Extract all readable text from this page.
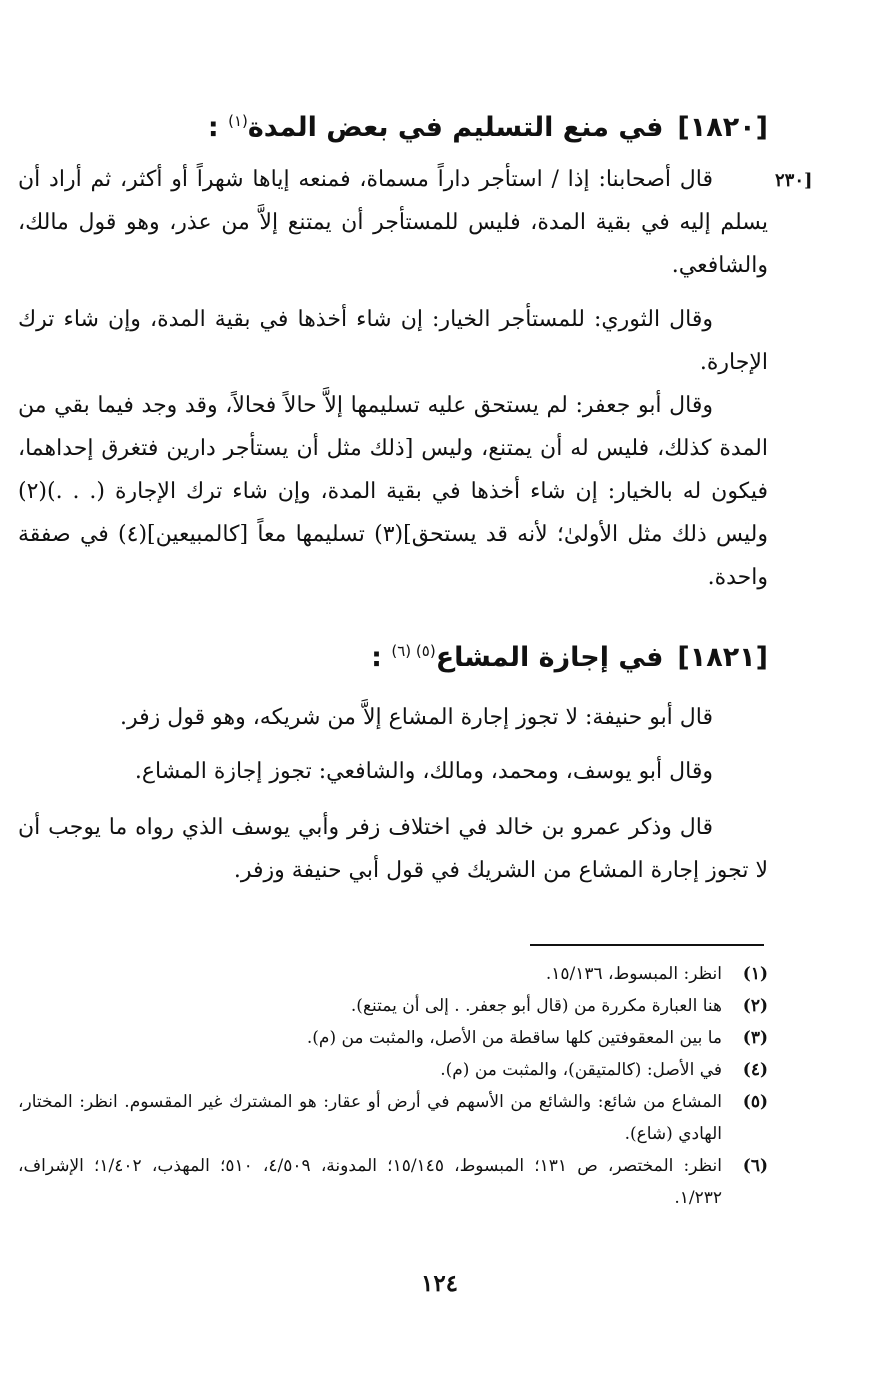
[٢٣٠
[١٨٢٠]في منع التسليم في بعض المدة$^{(١)}$ :

قال أصحابنا: إذا / استأجر داراً مسماة، فمنعه إياها شهراً أو أكثر، ثم أراد أن يسلم إليه في بقية المدة، فليس للمستأجر أن يمتنع إلاَّ من عذر، وهو قول مالك، والشافعي.

وقال الثوري: للمستأجر الخيار: إن شاء أخذها في بقية المدة، وإن شاء ترك الإجارة.

وقال أبو جعفر: لم يستحق عليه تسليمها إلاَّ حالاً فحالاً، وقد وجد فيما بقي من المدة كذلك، فليس له أن يمتنع، وليس [ذلك مثل أن يستأجر دارين فتغرق إحداهما، فيكون له بالخيار: إن شاء أخذها في بقية المدة، وإن شاء ترك الإجارة (. . .)(٢) وليس ذلك مثل الأولىٰ؛ لأنه قد يستحق](٣) تسليمها معاً [كالمبيعين](٤) في صفقة واحدة.

[١٨٢١]في إجازة المشاع$^{(٥) (٦)}$ :

قال أبو حنيفة: لا تجوز إجارة المشاع إلاَّ من شريكه، وهو قول زفر.

وقال أبو يوسف، ومحمد، ومالك، والشافعي: تجوز إجازة المشاع.

قال وذكر عمرو بن خالد في اختلاف زفر وأبي يوسف الذي رواه ما يوجب أن لا تجوز إجارة المشاع من الشريك في قول أبي حنيفة وزفر.

(١)
انظر: المبسوط، ١٥/١٣٦.
(٢)
هنا العبارة مكررة من (قال أبو جعفر. . إلى أن يمتنع).
(٣)
ما بين المعقوفتين كلها ساقطة من الأصل، والمثبت من (م).
(٤)
في الأصل: (كالمتيقن)، والمثبت من (م).
(٥)
المشاع من شائع: والشائع من الأسهم في أرض أو عقار: هو المشترك غير المقسوم. انظر: المختار، الهادي (شاع).
(٦)
انظر: المختصر، ص ١٣١؛ المبسوط، ١٥/١٤٥؛ المدونة، ٤/٥٠٩، ٥١٠؛ المهذب، ١/٤٠٢؛ الإشراف، ١/٢٣٢.
١٢٤
